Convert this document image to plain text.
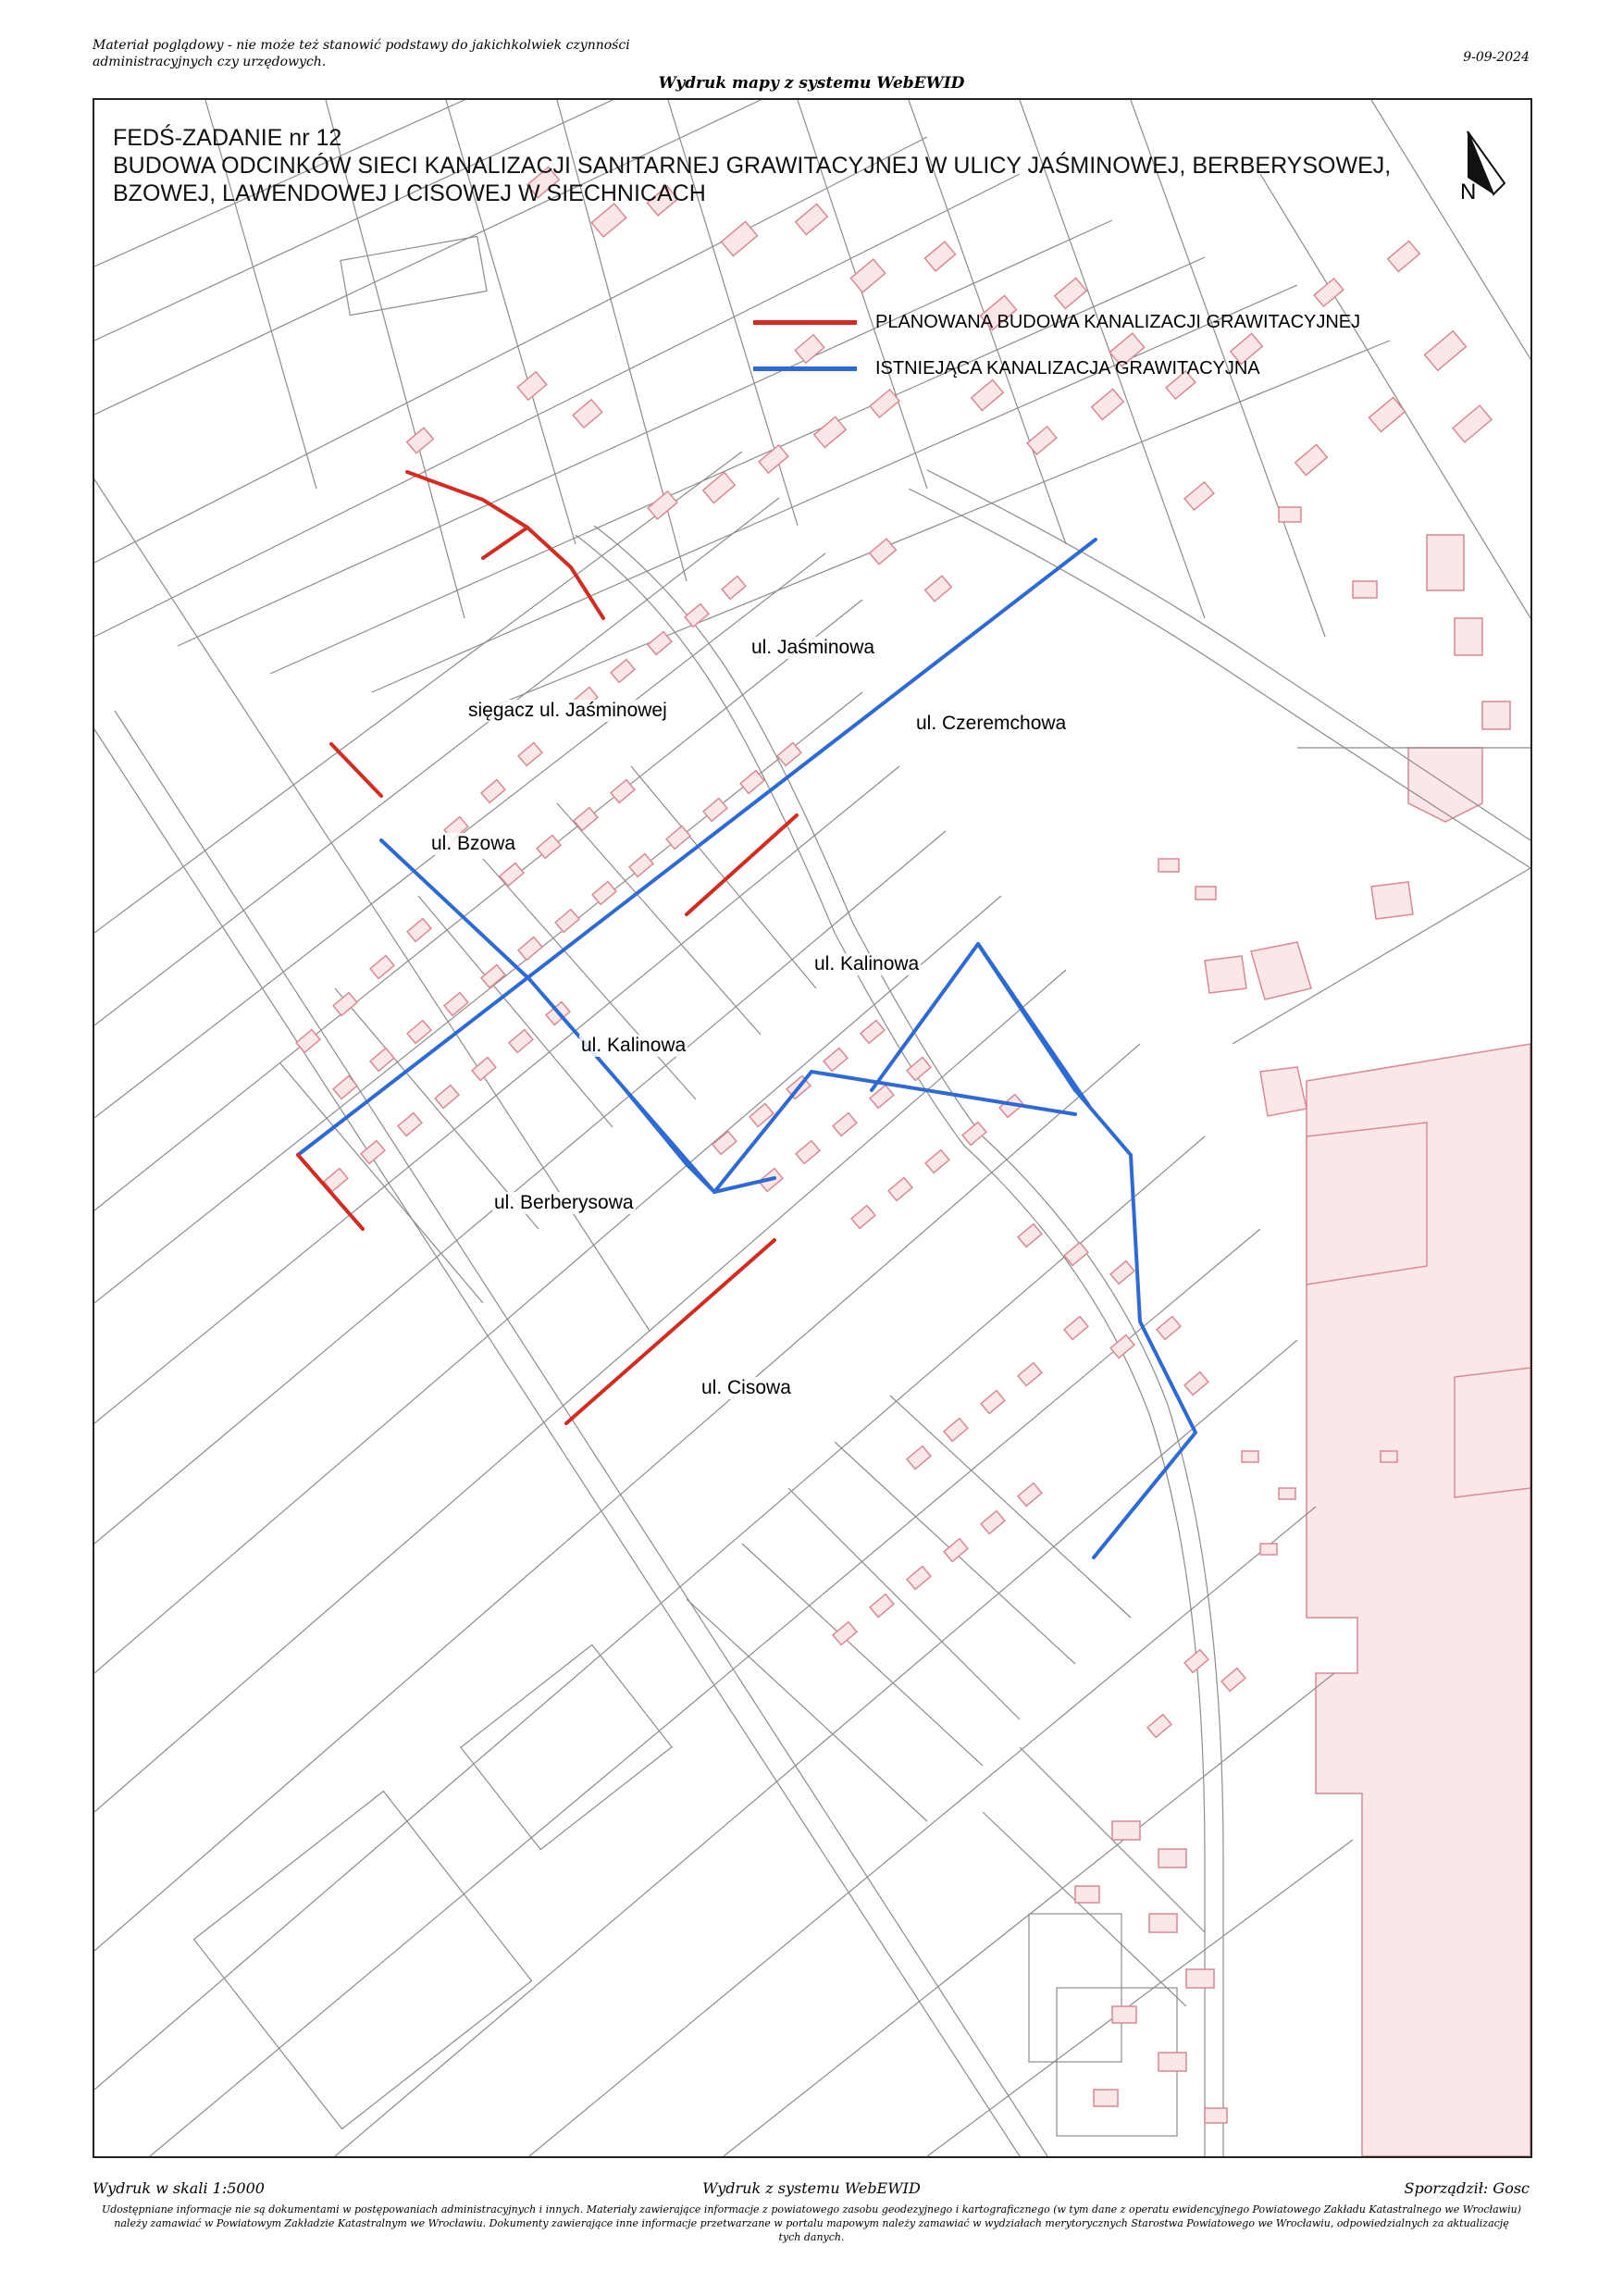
Materiał poglądowy - nie może też stanowić podstawy do jakichkolwiek czynności administracyjnych czy urzędowych.	9-09-2024
Wydruk mapy z systemu WebEWID
FEDŚ-ZADANIE nr 12
BUDOWA ODCINKÓW SIECI KANALIZACJI SANITARNEJ GRAWITACYJNEJ W ULICY JAŚMINOWEJ, BERBERYSOWEJ, BZOWEJ, LAWENDOWEJ I CISOWEJ W SIECHNICACH	N
PLANOWANA BUDOWA KANALIZACJI GRAWITACYJNEJ
ISTNIEJĄCA KANALIZACJA GRAWITACYJNA
ul. Jaśminowa
sięgacz ul. Jaśminowej
ul. Czeremchowa
ul. Bzowa
ul. Kalinowa
ul. Kalinowa
ul. Berberysowa
ul. Cisowa
Wydruk w skali 1:5000	Wydruk z systemu WebEWID	Sporządził: Gosc
Udostępniane informacje nie są dokumentami w postępowaniach administracyjnych i innych. Materiały zawierające informacje z powiatowego zasobu geodezyjnego i kartograficznego (w tym dane z operatu ewidencyjnego Powiatowego Zakładu Katastralnego we Wrocławiu) należy zamawiać w Powiatowym Zakładzie Katastralnym we Wrocławiu. Dokumenty zawierające inne informacje przetwarzane w portalu mapowym należy zamawiać w wydziałach merytorycznych Starostwa Powiatowego we Wrocławiu, odpowiedzialnych za aktualizację tych danych.
